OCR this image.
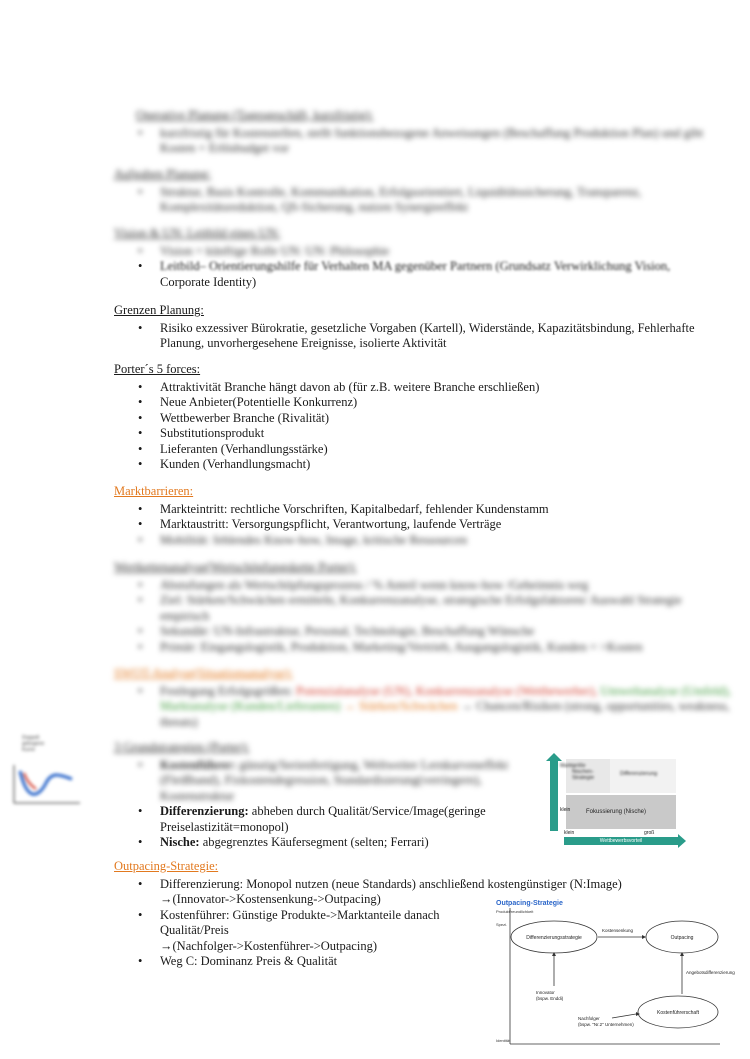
Operative Planung (Tagesgeschäft, kurzfristig):
• kurzfristig für Kostenstellen, stellt funktionsbezogene Anweisungen (Beschaffung Produktion Plan) und gibt Kosten + Erlösbudget vor
Aufgaben Planung:
• Struktur, Basis Kontrolle, Kommunikation, Erfolgsorientiert, Liquiditätssicherung, Transparenz, Komplexitätsreduktion, QS-Sicherung, nutzen Synergieeffekt
Vision & UN: Leitbild eines UN:
• Vision = künftige Rolle UN: UN: Philosophie
• Leitbild– Orientierungshilfe für Verhalten MA gegenüber Partnern (Grundsatz Verwirklichung Vision,
Corporate Identity)
Grenzen Planung:
• Risiko exzessiver Bürokratie, gesetzliche Vorgaben (Kartell), Widerstände, Kapazitätsbindung, Fehlerhafte Planung, unvorhergesehene Ereignisse, isolierte Aktivität
Porter´s 5 forces:
• Attraktivität Branche hängt davon ab (für z.B. weitere Branche erschließen)
• Neue Anbieter(Potentielle Konkurrenz)
• Wettbewerber Branche (Rivalität)
• Substitutionsprodukt
• Lieferanten (Verhandlungsstärke)
• Kunden (Verhandlungsmacht)
Marktbarrieren:
• Markteintritt: rechtliche Vorschriften, Kapitalbedarf, fehlender Kundenstamm
• Marktaustritt: Versorgungspflicht, Verantwortung, laufende Verträge
• Mobilität: fehlendes Know-how, Image, kritische Ressourcen
Wertkettenanalyse(Wertschöpfungskette Porter):
• Abstufungen als Wertschöpfungsprozess / % Anteil wenn know-how /Geheimnis weg
• Ziel: Stärken/Schwächen ermitteln, Konkurrenzanalyse, strategische Erfolgsfaktoren/ Auswahl Strategie empirisch
• Sekundär: UN-Infrastruktur, Personal, Technologie, Beschaffung Wünsche
• Primär: Eingangslogistik, Produktion, Marketing/Vertrieb, Ausgangslogistik, Kunden = >Kosten
SWOT-Analyse(Situationsanalyse):
• Festlegung Erfolgsgrößen: Potenzialanalyse (UN), Konkurrenzanalyse (Wettbewerber), Umweltanalyse (Umfeld), Marktanalyse (Kunden/Lieferanten) → Stärken/Schwächen → Chancen/Risiken (strong, opportunities, weakness, threats)
3 Grundstrategien (Porter):
• Kostenführer: günstig/Serienfertigung, Weltweiter Lernkurveneffekt (Fleißband), Fixkostendegression, Standardisierung(verringern), Kostenstruktur
• Differenzierung: abheben durch Qualität/Service/Image(geringe Preiselastizität=monopol)
• Nische: abgegrenztes Käufersegment (selten; Ferrari)
Outpacing-Strategie:
• Differenzierung: Monopol nutzen (neue Standards) anschließend kostengünstiger (N:Image)
→(Innovator->Kostensenkung->Outpacing)
• Kostenführer: Günstige Produkte->Marktanteile danach
Qualität/Preis
→(Nachfolger->Kostenführer->Outpacing)
• Weg C: Dominanz Preis & Qualität
Doppelt
gebogene
Kurve
Nischen-Strategie
Differenzierung
Fokussierung (Nische)
Marktgröße
klein
klein	groß
Wettbewerbsvorteil
Outpacing-Strategie
Produktfreundlichkeit
Spezi.
Identität
Differenzierungsstrategie	Outpacing
Kostenführerschaft
Kostensenkung
Angebotsdifferenzierung
Innovator
(bspw. Enddi)
Nachfolger
(bspw. "Nr.2" Unternehmen)
